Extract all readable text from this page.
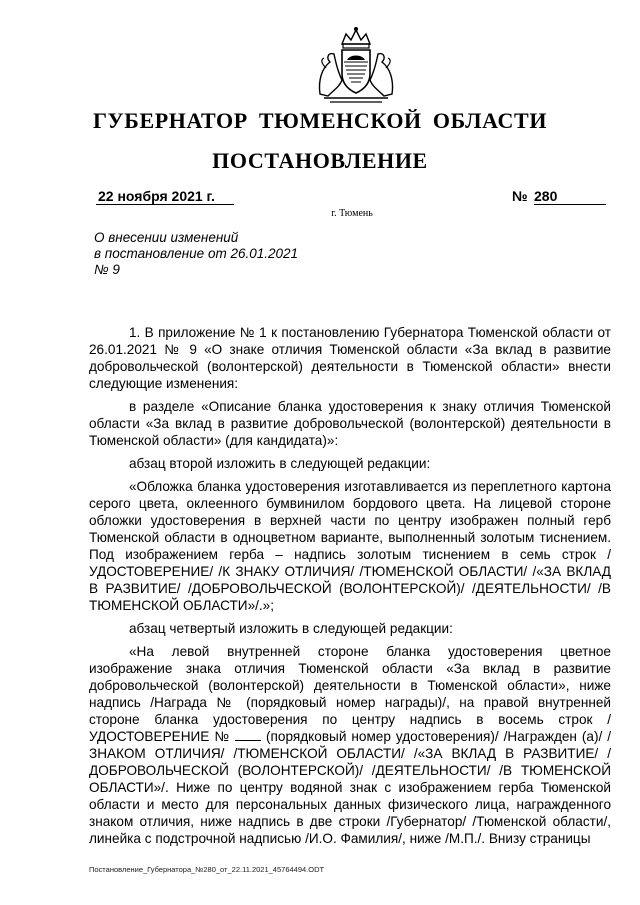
ГУБЕРНАТОР ТЮМЕНСКОЙ ОБЛАСТИ
ПОСТАНОВЛЕНИЕ
22 ноября 2021 г.	№ 280
г. Тюмень
О внесении изменений
в постановление от 26.01.2021
№ 9

1. В приложение № 1 к постановлению Губернатора Тюменской области от 26.01.2021 № 9 «О знаке отличия Тюменской области «За вклад в развитие добровольческой (волонтерской) деятельности в Тюменской области» внести следующие изменения:

в разделе «Описание бланка удостоверения к знаку отличия Тюменской области «За вклад в развитие добровольческой (волонтерской) деятельности в Тюменской области» (для кандидата)»:

абзац второй изложить в следующей редакции:

«Обложка бланка удостоверения изготавливается из переплетного картона серого цвета, оклеенного бумвинилом бордового цвета. На лицевой стороне обложки удостоверения в верхней части по центру изображен полный герб Тюменской области в одноцветном варианте, выполненный золотым тиснением. Под изображением герба – надпись золотым тиснением в семь строк /УДОСТОВЕРЕНИЕ/ /К ЗНАКУ ОТЛИЧИЯ/ /ТЮМЕНСКОЙ ОБЛАСТИ/ /«ЗА ВКЛАД В РАЗВИТИЕ/ /ДОБРОВОЛЬЧЕСКОЙ (ВОЛОНТЕРСКОЙ)/ /ДЕЯТЕЛЬНОСТИ/ /В ТЮМЕНСКОЙ ОБЛАСТИ»/.»;

абзац четвертый изложить в следующей редакции:

«На левой внутренней стороне бланка удостоверения цветное изображение знака отличия Тюменской области «За вклад в развитие добровольческой (волонтерской) деятельности в Тюменской области», ниже надпись /Награда № (порядковый номер награды)/, на правой внутренней стороне бланка удостоверения по центру надпись в восемь строк /УДОСТОВЕРЕНИЕ №	(порядковый номер удостоверения)/ /Награжден (а)/ /ЗНАКОМ ОТЛИЧИЯ/ /ТЮМЕНСКОЙ ОБЛАСТИ/ /«ЗА ВКЛАД В РАЗВИТИЕ/ /ДОБРОВОЛЬЧЕСКОЙ (ВОЛОНТЕРСКОЙ)/ /ДЕЯТЕЛЬНОСТИ/ /В ТЮМЕНСКОЙ ОБЛАСТИ»/. Ниже по центру водяной знак с изображением герба Тюменской области и место для персональных данных физического лица, награжденного знаком отличия, ниже надпись в две строки /Губернатор/ /Тюменской области/, линейка с подстрочной надписью /И.О. Фамилия/, ниже /М.П./. Внизу страницы

Постановление_Губернатора_№280_от_22.11.2021_45764494.ODT
